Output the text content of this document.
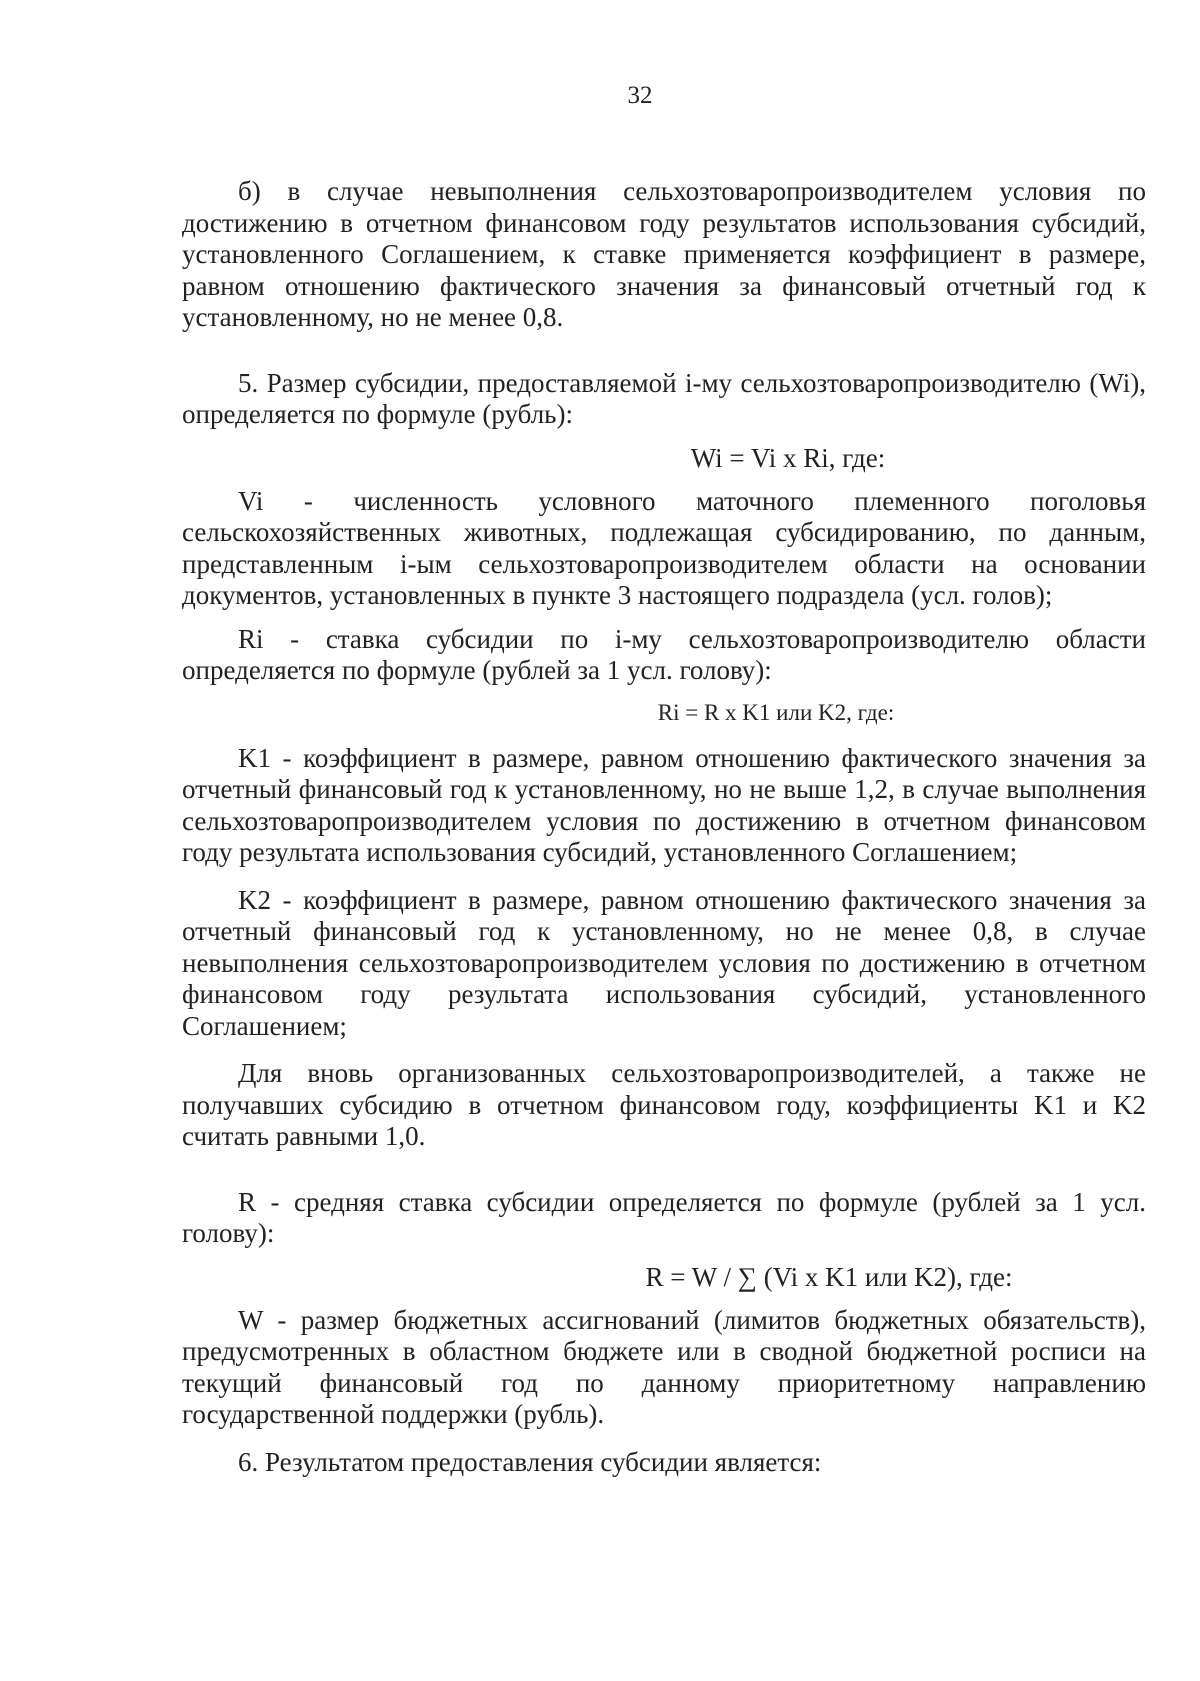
32

б) в случае невыполнения сельхозтоваропроизводителем условия по достижению в отчетном финансовом году результатов использования субсидий, установленного Соглашением, к ставке применяется коэффициент в размере, равном отношению фактического значения за финансовый отчетный год к установленному, но не менее 0,8.

5. Размер субсидии, предоставляемой i-му сельхозтоваропроизводителю (Wi), определяется по формуле (рубль):

Wi = Vi x Ri, где:

Vi - численность условного маточного племенного поголовья сельскохозяйственных животных, подлежащая субсидированию, по данным, представленным i-ым сельхозтоваропроизводителем области на основании документов, установленных в пункте 3 настоящего подраздела (усл. голов);

Ri - ставка субсидии по i-му сельхозтоваропроизводителю области определяется по формуле (рублей за 1 усл. голову):

Ri = R x K1 или K2, где:

K1 - коэффициент в размере, равном отношению фактического значения за отчетный финансовый год к установленному, но не выше 1,2, в случае выполнения сельхозтоваропроизводителем условия по достижению в отчетном финансовом году результата использования субсидий, установленного Соглашением;

K2 - коэффициент в размере, равном отношению фактического значения за отчетный финансовый год к установленному, но не менее 0,8, в случае невыполнения сельхозтоваропроизводителем условия по достижению в отчетном финансовом году результата использования субсидий, установленного Соглашением;

Для вновь организованных сельхозтоваропроизводителей, а также не получавших субсидию в отчетном финансовом году, коэффициенты K1 и K2 считать равными 1,0.

R - средняя ставка субсидии определяется по формуле (рублей за 1 усл. голову):

R = W / ∑ (Vi x K1 или K2), где:

W - размер бюджетных ассигнований (лимитов бюджетных обязательств), предусмотренных в областном бюджете или в сводной бюджетной росписи на текущий финансовый год по данному приоритетному направлению государственной поддержки (рубль).

6. Результатом предоставления субсидии является:
